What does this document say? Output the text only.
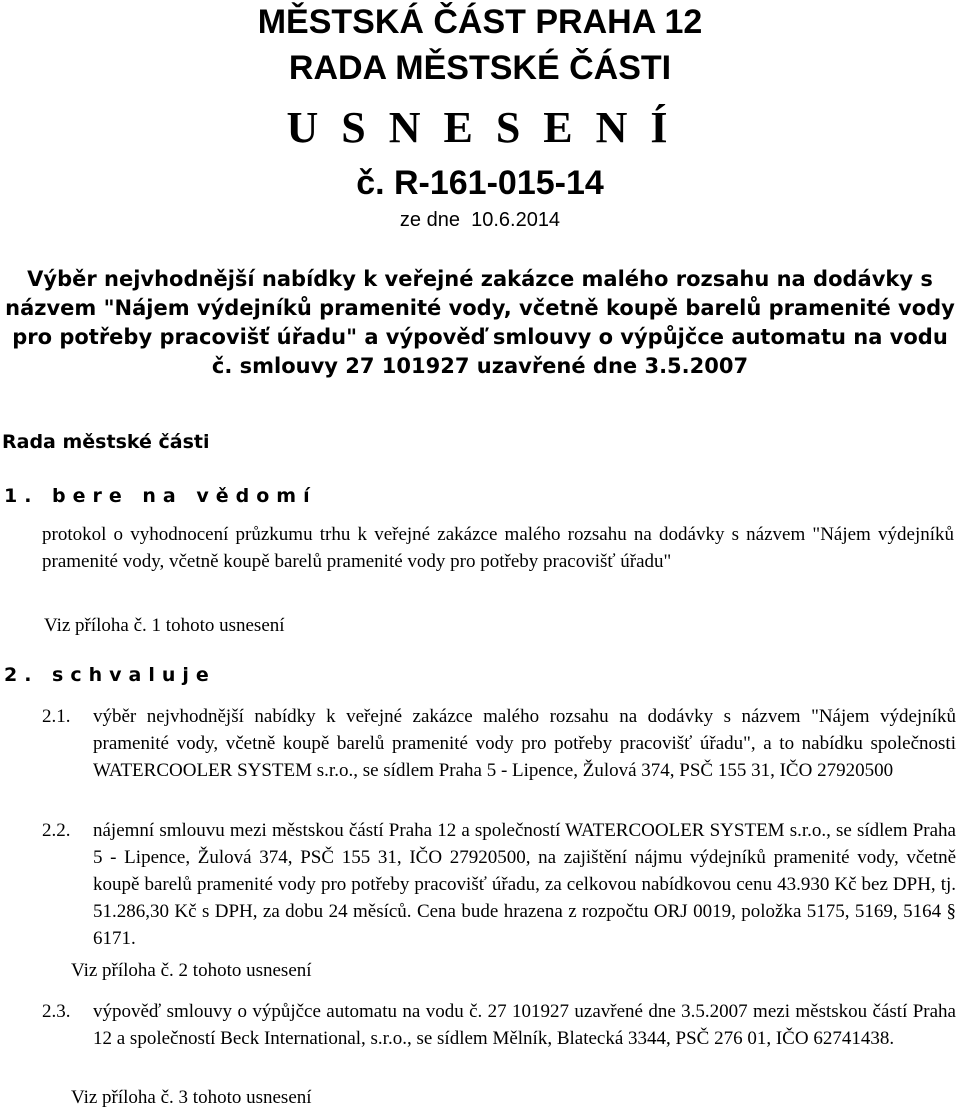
MĚSTSKÁ ČÁST PRAHA 12
RADA MĚSTSKÉ ČÁSTI
U S N E S E N Í
č. R-161-015-14
ze dne  10.6.2014
Výběr nejvhodnější nabídky k veřejné zakázce malého rozsahu na dodávky s názvem "Nájem výdejníků pramenité vody, včetně koupě barelů pramenité vody pro potřeby pracovišť úřadu" a výpověď smlouvy o výpůjčce automatu na vodu č. smlouvy 27 101927 uzavřené dne 3.5.2007
Rada městské části
1. bere na vědomí
protokol o vyhodnocení průzkumu trhu k veřejné zakázce malého rozsahu na dodávky s názvem "Nájem výdejníků pramenité vody, včetně koupě barelů pramenité vody pro potřeby pracovišť úřadu"
Viz příloha č. 1 tohoto usnesení
2. schvaluje
2.1.	výběr nejvhodnější nabídky k veřejné zakázce malého rozsahu na dodávky s názvem "Nájem výdejníků pramenité vody, včetně koupě barelů pramenité vody pro potřeby pracovišť úřadu", a to nabídku společnosti WATERCOOLER SYSTEM s.r.o., se sídlem Praha 5 - Lipence, Žulová 374, PSČ 155 31, IČO 27920500
2.2.	nájemní smlouvu mezi městskou částí Praha 12 a společností WATERCOOLER SYSTEM s.r.o., se sídlem Praha 5 - Lipence, Žulová 374, PSČ 155 31, IČO 27920500, na zajištění nájmu výdejníků pramenité vody, včetně koupě barelů pramenité vody pro potřeby pracovišť úřadu, za celkovou nabídkovou cenu 43.930 Kč bez DPH, tj. 51.286,30 Kč s DPH, za dobu 24 měsíců. Cena bude hrazena z rozpočtu ORJ 0019, položka 5175, 5169, 5164 § 6171.
Viz příloha č. 2 tohoto usnesení
2.3.	výpověď smlouvy o výpůjčce automatu na vodu č. 27 101927 uzavřené dne 3.5.2007 mezi městskou částí Praha 12 a společností Beck International, s.r.o., se sídlem Mělník, Blatecká 3344, PSČ 276 01, IČO 62741438.
Viz příloha č. 3 tohoto usnesení
